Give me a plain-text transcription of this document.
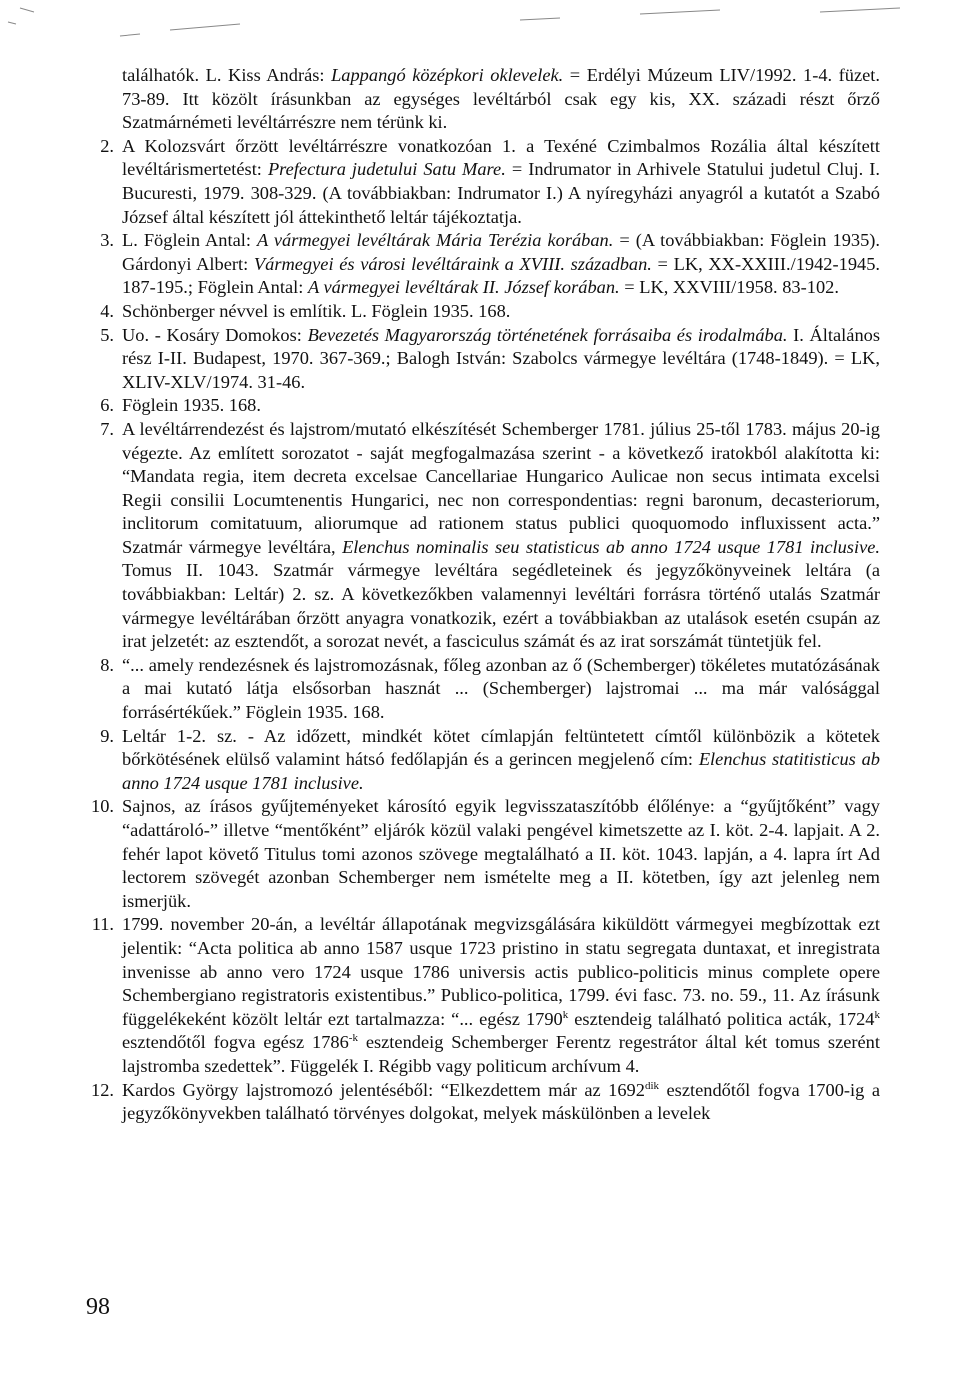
találhatók. L. Kiss András: Lappangó középkori oklevelek. = Erdélyi Múzeum LIV/1992. 1-4. füzet. 73-89. Itt közölt írásunkban az egységes levéltárból csak egy kis, XX. századi részt őrző Szatmárnémeti levéltárrészre nem térünk ki.
2. A Kolozsvárt őrzött levéltárrészre vonatkozóan 1. a Texéné Czimbalmos Rozália által készített levéltárismertetést: Prefectura judetului Satu Mare. = Indrumator in Arhivele Statului judetul Cluj. I. Bucuresti, 1979. 308-329. (A továbbiakban: Indrumator I.) A nyíregyházi anyagról a kutatót a Szabó József által készített jól áttekinthető leltár tájékoztatja.
3. L. Föglein Antal: A vármegyei levéltárak Mária Terézia korában. = (A továbbiakban: Föglein 1935). Gárdonyi Albert: Vármegyei és városi levéltáraink a XVIII. században. = LK, XX-XXIII./1942-1945. 187-195.; Föglein Antal: A vármegyei levéltárak II. József korában. = LK, XXVIII/1958. 83-102.
4. Schönberger névvel is említik. L. Föglein 1935. 168.
5. Uo. - Kosáry Domokos: Bevezetés Magyarország történetének forrásaiba és irodalmába. I. Általános rész I-II. Budapest, 1970. 367-369.; Balogh István: Szabolcs vármegye levéltára (1748-1849). = LK, XLIV-XLV/1974. 31-46.
6. Föglein 1935. 168.
7. A levéltárrendezést és lajstrom/mutató elkészítését Schemberger 1781. július 25-től 1783. május 20-ig végezte. Az említett sorozatot - saját megfogalmazása szerint - a következő iratokból alakította ki: “Mandata regia, item decreta excelsae Cancellariae Hungarico Aulicae non secus intimata excelsi Regii consilii Locumtenentis Hungarici, nec non correspondentias: regni baronum, decasteriorum, inclitorum comitatuum, aliorumque ad rationem status publici quoquomodo influxissent acta.” Szatmár vármegye levéltára, Elenchus nominalis seu statisticus ab anno 1724 usque 1781 inclusive. Tomus II. 1043. Szatmár vármegye levéltára segédleteinek és jegyzőkönyveinek leltára (a továbbiakban: Leltár) 2. sz. A következőkben valamennyi levéltári forrásra történő utalás Szatmár vármegye levéltárában őrzött anyagra vonatkozik, ezért a továbbiakban az utalások esetén csupán az irat jelzetét: az esztendőt, a sorozat nevét, a fasciculus számát és az irat sorszámát tüntetjük fel.
8. “... amely rendezésnek és lajstromozásnak, főleg azonban az ő (Schemberger) tökéletes mutatózásának a mai kutató látja elsősorban hasznát ... (Schemberger) lajstromai ... ma már valósággal forrásértékűek.” Föglein 1935. 168.
9. Leltár 1-2. sz. - Az időzett, mindkét kötet címlapján feltüntetett címtől különbözik a kötetek bőrkötésének elülső valamint hátsó fedőlapján és a gerincen megjelenő cím: Elenchus statitisticus ab anno 1724 usque 1781 inclusive.
10. Sajnos, az írásos gyűjteményeket károsító egyik legvisszataszítóbb élőlénye: a “gyűjtőként” vagy “adattároló-” illetve “mentőként” eljárók közül valaki pengével kimetszette az I. köt. 2-4. lapjait. A 2. fehér lapot követő Titulus tomi azonos szövege megtalálható a II. köt. 1043. lapján, a 4. lapra írt Ad lectorem szövegét azonban Schemberger nem ismételte meg a II. kötetben, így azt jelenleg nem ismerjük.
11. 1799. november 20-án, a levéltár állapotának megvizsgálására kiküldött vármegyei megbízottak ezt jelentik: “Acta politica ab anno 1587 usque 1723 pristino in statu segregata duntaxat, et inregistrata invenisse ab anno vero 1724 usque 1786 universis actis publico-politicis minus complete opere Schembergiano registratoris existentibus.” Publico-politica, 1799. évi fasc. 73. no. 59., 11. Az írásunk függelékeként közölt leltár ezt tartalmazza: “... egész 1790$^k$ esztendeig található politica acták, 1724$^k$ esztendőtől fogva egész $1786^{-k}$ esztendeig Schemberger Ferentz regestrátor által két tomus szerént lajstromba szedettek”. Függelék I. Régibb vagy politicum archívum 4.
12. Kardos György lajstromozó jelentéséből: “Elkezdettem már az $1692^{dik}$ esztendőtől fogva 1700-ig a jegyzőkönyvekben található törvényes dolgokat, melyek máskülönben a levelek
98
